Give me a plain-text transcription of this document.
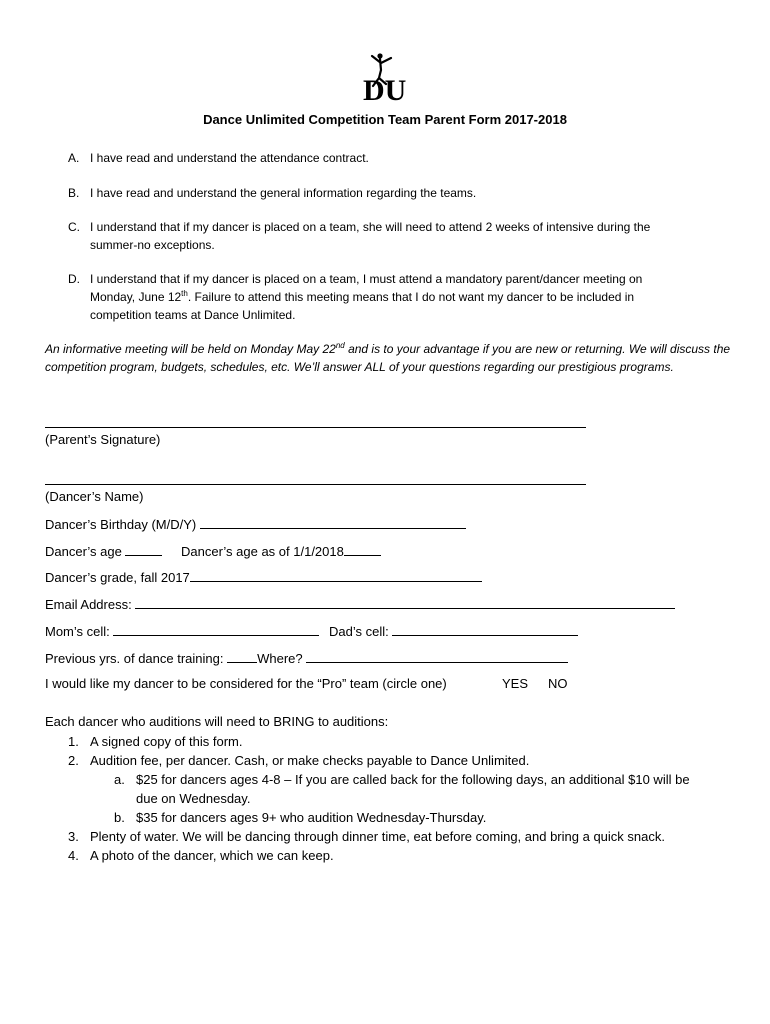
DU
Dance Unlimited Competition Team Parent Form 2017-2018
A. I have read and understand the attendance contract.
B. I have read and understand the general information regarding the teams.
C. I understand that if my dancer is placed on a team, she will need to attend 2 weeks of intensive during the
summer-no exceptions.
D. I understand that if my dancer is placed on a team, I must attend a mandatory parent/dancer meeting on
Monday, June 12th. Failure to attend this meeting means that I do not want my dancer to be included in
competition teams at Dance Unlimited.
An informative meeting will be held on Monday May 22nd and is to your advantage if you are new or returning. We will discuss the competition program, budgets, schedules, etc. We’ll answer ALL of your questions regarding our prestigious programs.
(Parent’s Signature)
(Dancer’s Name)
Dancer’s Birthday (M/D/Y)
Dancer’s age	Dancer’s age as of 1/1/2018
Dancer’s grade, fall 2017
Email Address:
Mom’s cell:	Dad’s cell:
Previous yrs. of dance training:	Where?
I would like my dancer to be considered for the “Pro” team (circle one)	YES NO
Each dancer who auditions will need to BRING to auditions:
1. A signed copy of this form.
2. Audition fee, per dancer. Cash, or make checks payable to Dance Unlimited.
a. $25 for dancers ages 4-8 – If you are called back for the following days, an additional $10 will be
due on Wednesday.
b. $35 for dancers ages 9+ who audition Wednesday-Thursday.
3. Plenty of water. We will be dancing through dinner time, eat before coming, and bring a quick snack.
4. A photo of the dancer, which we can keep.
